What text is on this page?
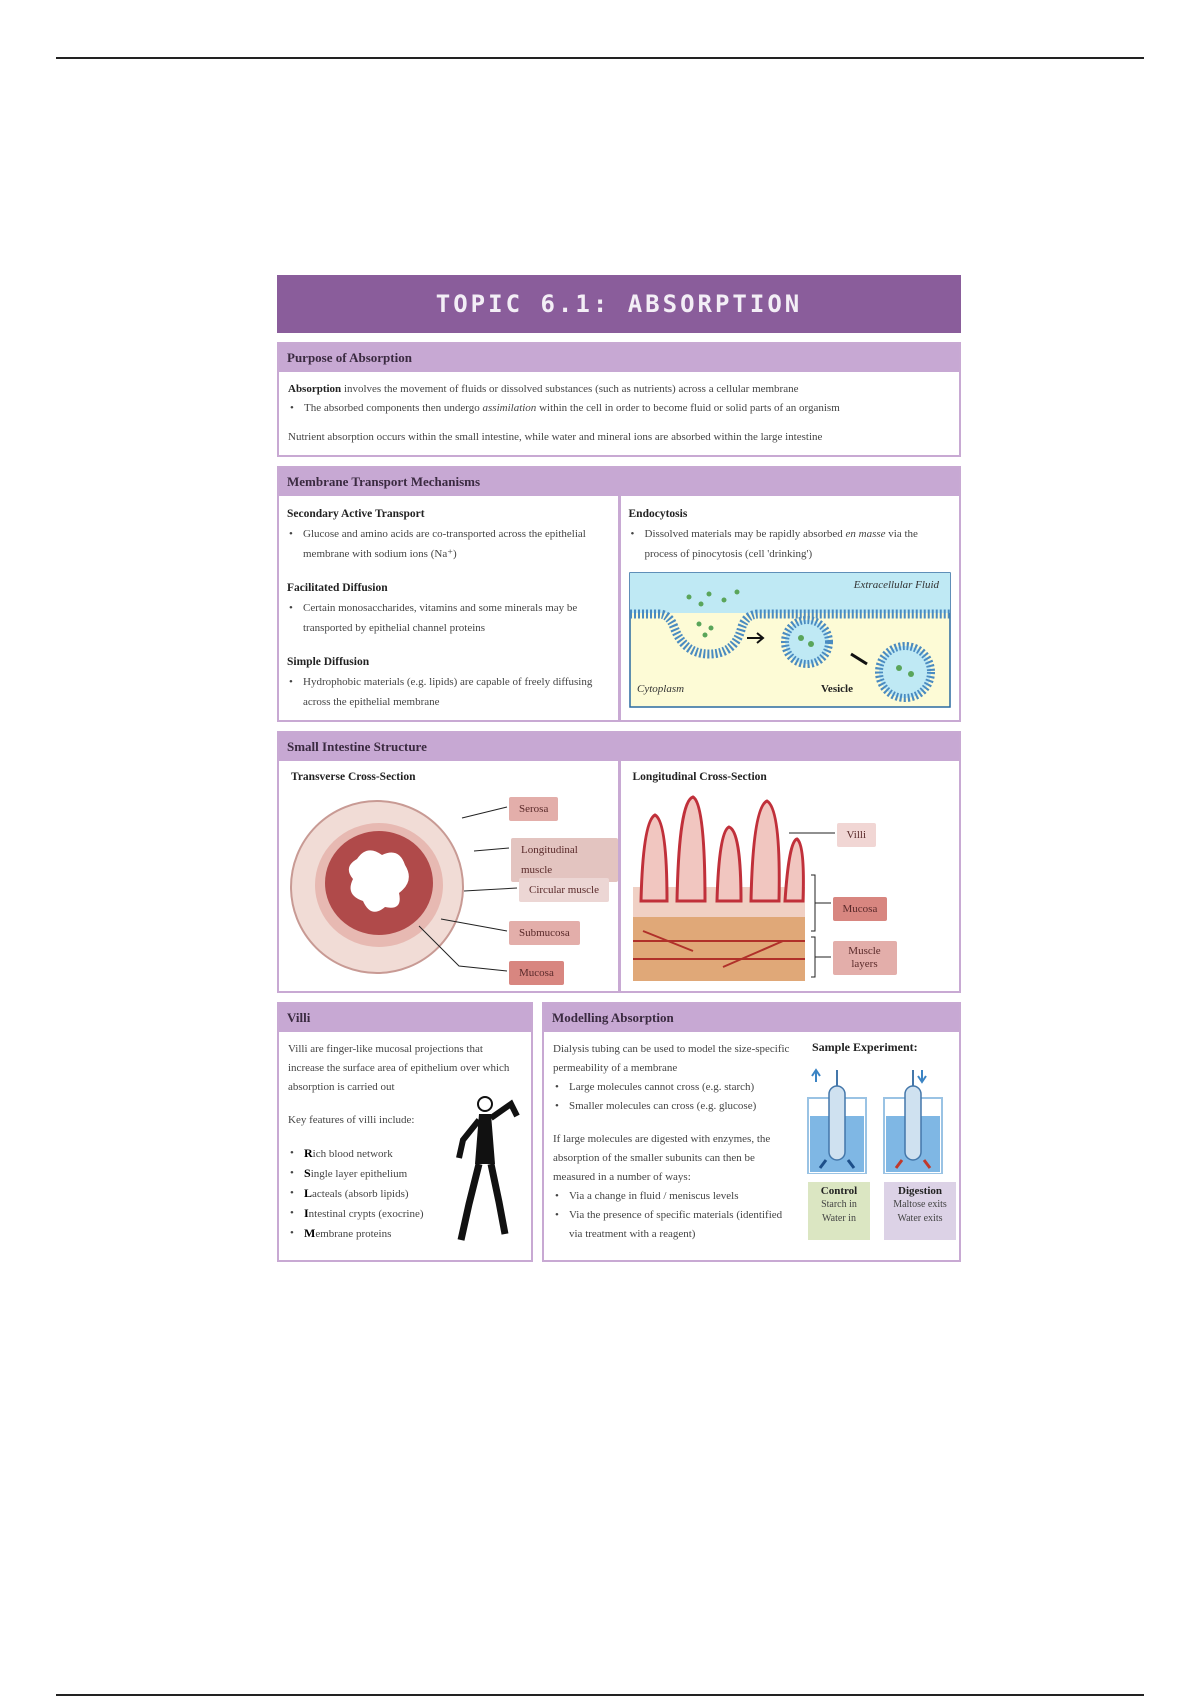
TOPIC 6.1: ABSORPTION
Purpose of Absorption
Absorption involves the movement of fluids or dissolved substances (such as nutrients) across a cellular membrane
• The absorbed components then undergo assimilation within the cell in order to become fluid or solid parts of an organism
Nutrient absorption occurs within the small intestine, while water and mineral ions are absorbed within the large intestine
Membrane Transport Mechanisms
Secondary Active Transport
• Glucose and amino acids are co-transported across the epithelial membrane with sodium ions (Na⁺)
Facilitated Diffusion
• Certain monosaccharides, vitamins and some minerals may be transported by epithelial channel proteins
Simple Diffusion
• Hydrophobic materials (e.g. lipids) are capable of freely diffusing across the epithelial membrane
Endocytosis
• Dissolved materials may be rapidly absorbed en masse via the process of pinocytosis (cell 'drinking')
Extracellular Fluid
Cytoplasm	Vesicle
Small Intestine Structure
Transverse Cross-Section
Serosa
Longitudinal muscle
Circular muscle
Submucosa
Mucosa
Longitudinal Cross-Section
Villi
Mucosa
Muscle layers
Villi
Villi are finger-like mucosal projections that increase the surface area of epithelium over which absorption is carried out
Key features of villi include:
• Rich blood network
• Single layer epithelium
• Lacteals (absorb lipids)
• Intestinal crypts (exocrine)
• Membrane proteins
Modelling Absorption
Dialysis tubing can be used to model the size-specific permeability of a membrane
• Large molecules cannot cross (e.g. starch)
• Smaller molecules can cross (e.g. glucose)
If large molecules are digested with enzymes, the absorption of the smaller subunits can then be measured in a number of ways:
• Via a change in fluid / meniscus levels
• Via the presence of specific materials (identified via treatment with a reagent)
Sample Experiment:
Control
Starch in
Water in
Digestion
Maltose exits
Water exits
